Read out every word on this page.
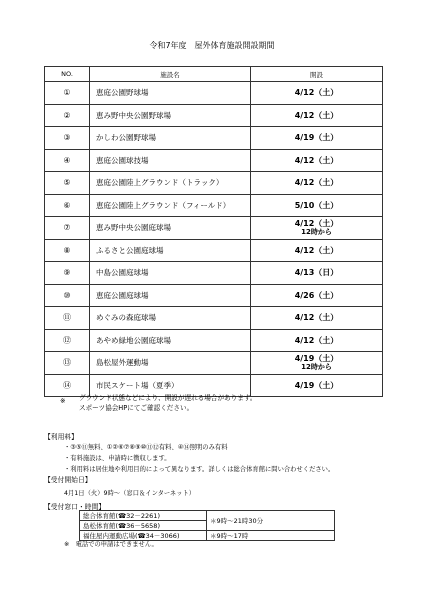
令和7年度　屋外体育施設開設期間
NO.	施設名	開設
①	恵庭公園野球場	4/12（土）
②	恵み野中央公園野球場	4/12（土）
③	かしわ公園野球場	4/19（土）
④	恵庭公園球技場	4/12（土）
⑤	恵庭公園陸上グラウンド（トラック）	4/12（土）
⑥	恵庭公園陸上グラウンド（フィールド）	5/10（土）
⑦	恵み野中央公園庭球場	4/12（土）
12時から

⑧	ふるさと公園庭球場	4/12（土）
⑨	中島公園庭球場	4/13（日）
⑩	恵庭公園庭球場	4/26（土）
⑪	めぐみの森庭球場	4/12（土）
⑫	あやめ緑地公園庭球場	4/12（土）
⑬	島松屋外運動場	4/19（土）
12時から

⑭	市民スケート場（夏季）	4/19（土）
※ グラウンド状態などにより、開設が遅れる場合があります。
スポーツ協会HPにてご確認ください。
【利用料】
・③⑤⑪無料、①②⑥⑦⑧⑨⑩⑪⑫有料、④⑭照明のみ有料
・有料施設は、申請時に徴収します。
・利用料は居住地や利用目的によって異なります。詳しくは総合体育館に問い合わせください。
【受付開始日】
4月1日（火）9時～（窓口＆インターネット）
【受付窓口・時間】
総合体育館(☎32－2261)	＊9時～21時30分
島松体育館(☎36－5658)	
福住屋内運動広場(☎34－3066)	＊9時～17時
※　電話での申請はできません。
